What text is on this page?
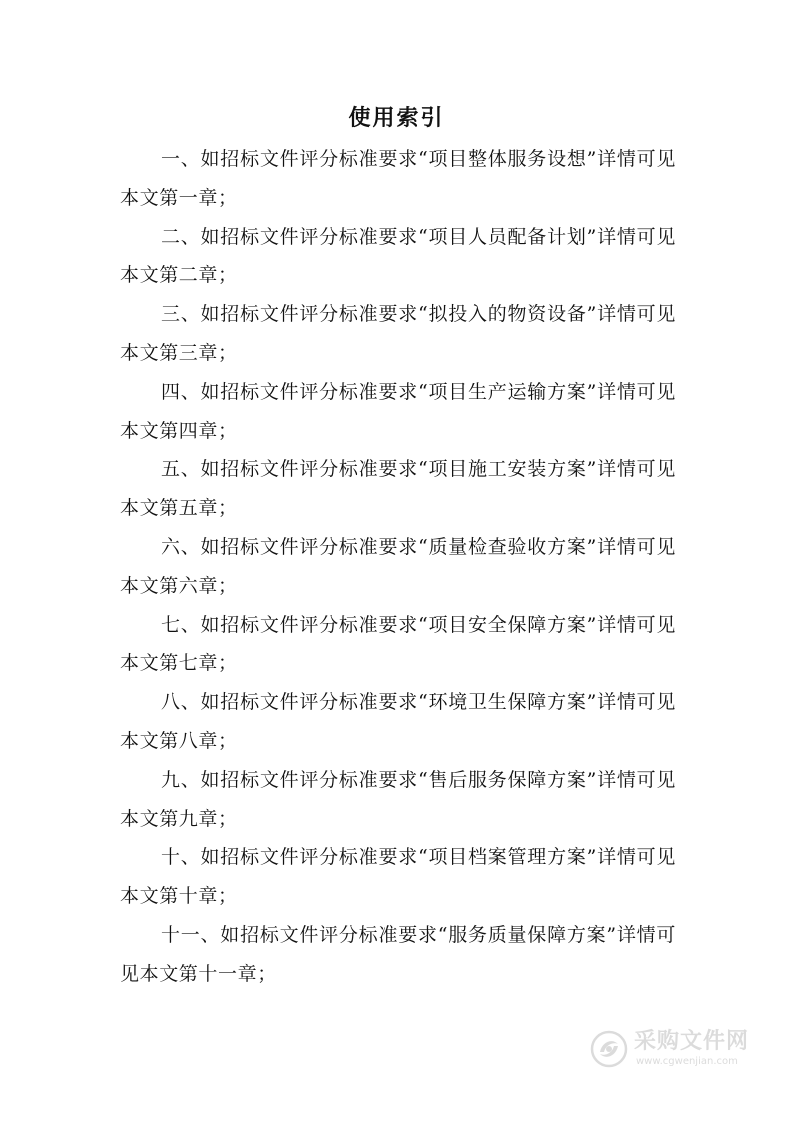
使用索引

一、如招标文件评分标准要求“项目整体服务设想”详情可见本文第一章；

二、如招标文件评分标准要求“项目人员配备计划”详情可见本文第二章；

三、如招标文件评分标准要求“拟投入的物资设备”详情可见本文第三章；

四、如招标文件评分标准要求“项目生产运输方案”详情可见本文第四章；

五、如招标文件评分标准要求“项目施工安装方案”详情可见本文第五章；

六、如招标文件评分标准要求“质量检查验收方案”详情可见本文第六章；

七、如招标文件评分标准要求“项目安全保障方案”详情可见本文第七章；

八、如招标文件评分标准要求“环境卫生保障方案”详情可见本文第八章；

九、如招标文件评分标准要求“售后服务保障方案”详情可见本文第九章；

十、如招标文件评分标准要求“项目档案管理方案”详情可见本文第十章；

十一、如招标文件评分标准要求“服务质量保障方案”详情可见本文第十一章；

采购文件网
www.cgwenjian.com
